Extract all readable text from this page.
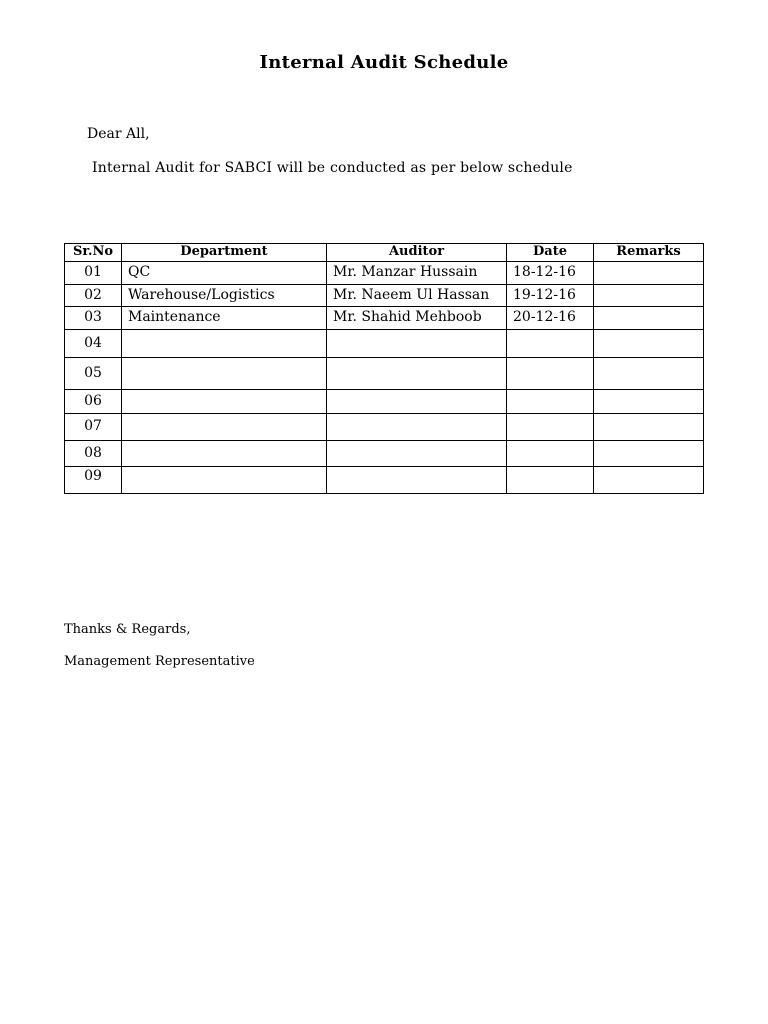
Internal Audit Schedule
Dear All,
Internal Audit for SABCI will be conducted as per below schedule
Sr.No	Department	Auditor	Date	Remarks
01	QC	Mr. Manzar Hussain	18-12-16	
02	Warehouse/Logistics	Mr. Naeem Ul Hassan	19-12-16	
03	Maintenance	Mr. Shahid Mehboob	20-12-16	
04				
05				
06				
07				
08				
09				
Thanks & Regards,
Management Representative
